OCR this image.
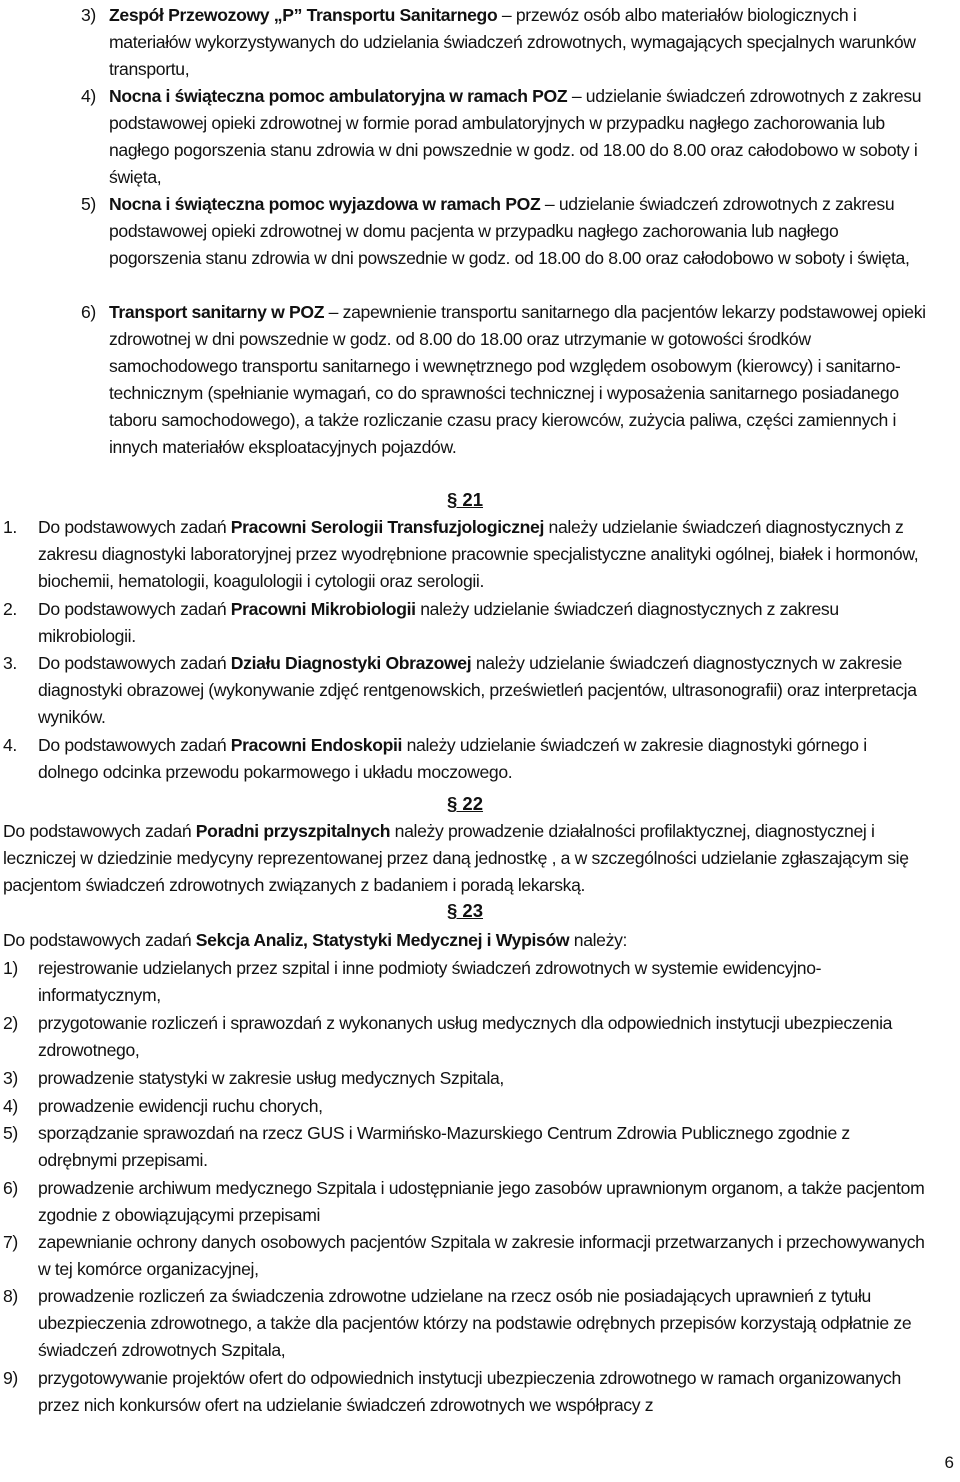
3) Zespół Przewozowy „P” Transportu Sanitarnego – przewóz osób albo materiałów biologicznych i materiałów wykorzystywanych do udzielania świadczeń zdrowotnych, wymagających specjalnych warunków transportu,

4) Nocna i świąteczna pomoc ambulatoryjna w ramach POZ – udzielanie świadczeń zdrowotnych z zakresu podstawowej opieki zdrowotnej w formie porad ambulatoryjnych w przypadku nagłego zachorowania lub nagłego pogorszenia stanu zdrowia w dni powszednie w godz. od 18.00 do 8.00 oraz całodobowo w soboty i święta,

5) Nocna i świąteczna pomoc wyjazdowa w ramach POZ – udzielanie świadczeń zdrowotnych z zakresu podstawowej opieki zdrowotnej w domu pacjenta w przypadku nagłego zachorowania lub nagłego pogorszenia stanu zdrowia w dni powszednie w godz. od 18.00 do 8.00 oraz całodobowo w soboty i święta,

6) Transport sanitarny w POZ – zapewnienie transportu sanitarnego dla pacjentów lekarzy podstawowej opieki zdrowotnej w dni powszednie w godz. od 8.00 do 18.00 oraz utrzymanie w gotowości środków samochodowego transportu sanitarnego i wewnętrznego pod względem osobowym (kierowcy) i sanitarno-technicznym (spełnianie wymagań, co do sprawności technicznej i wyposażenia sanitarnego posiadanego taboru samochodowego), a także rozliczanie czasu pracy kierowców, zużycia paliwa, części zamiennych i innych materiałów eksploatacyjnych pojazdów.

§ 21
1. Do podstawowych zadań Pracowni Serologii Transfuzjologicznej należy udzielanie świadczeń diagnostycznych z zakresu diagnostyki laboratoryjnej przez wyodrębnione pracownie specjalistyczne analityki ogólnej, białek i hormonów, biochemii, hematologii, koagulologii i cytologii oraz serologii.

2. Do podstawowych zadań Pracowni Mikrobiologii należy udzielanie świadczeń diagnostycznych z zakresu mikrobiologii.

3. Do podstawowych zadań Działu Diagnostyki Obrazowej należy udzielanie świadczeń diagnostycznych w zakresie diagnostyki obrazowej (wykonywanie zdjęć rentgenowskich, prześwietleń pacjentów, ultrasonografii) oraz interpretacja wyników.

4. Do podstawowych zadań Pracowni Endoskopii należy udzielanie świadczeń w zakresie diagnostyki górnego i dolnego odcinka przewodu pokarmowego i układu moczowego.

§ 22

Do podstawowych zadań Poradni przyszpitalnych należy prowadzenie działalności profilaktycznej, diagnostycznej i leczniczej w dziedzinie medycyny reprezentowanej przez daną jednostkę , a w szczególności udzielanie zgłaszającym się pacjentom świadczeń zdrowotnych związanych z badaniem i poradą lekarską.

§ 23

Do podstawowych zadań Sekcja Analiz, Statystyki Medycznej i Wypisów należy:

1) rejestrowanie udzielanych przez szpital i inne podmioty świadczeń zdrowotnych w systemie ewidencyjno-informatycznym,

2) przygotowanie rozliczeń i sprawozdań z wykonanych usług medycznych dla odpowiednich instytucji ubezpieczenia zdrowotnego,

3) prowadzenie statystyki w zakresie usług medycznych Szpitala,

4) prowadzenie ewidencji ruchu chorych,

5) sporządzanie sprawozdań na rzecz GUS i Warmińsko-Mazurskiego Centrum Zdrowia Publicznego zgodnie z odrębnymi przepisami.

6) prowadzenie archiwum medycznego Szpitala i udostępnianie jego zasobów uprawnionym organom, a także pacjentom zgodnie z obowiązującymi przepisami

7) zapewnianie ochrony danych osobowych pacjentów Szpitala w zakresie informacji przetwarzanych i przechowywanych w tej komórce organizacyjnej,

8) prowadzenie rozliczeń za świadczenia zdrowotne udzielane na rzecz osób nie posiadających uprawnień z tytułu ubezpieczenia zdrowotnego, a także dla pacjentów którzy na podstawie odrębnych przepisów korzystają odpłatnie ze świadczeń zdrowotnych Szpitala,

9) przygotowywanie projektów ofert do odpowiednich instytucji ubezpieczenia zdrowotnego w ramach organizowanych przez nich konkursów ofert na udzielanie świadczeń zdrowotnych we współpracy z

6
